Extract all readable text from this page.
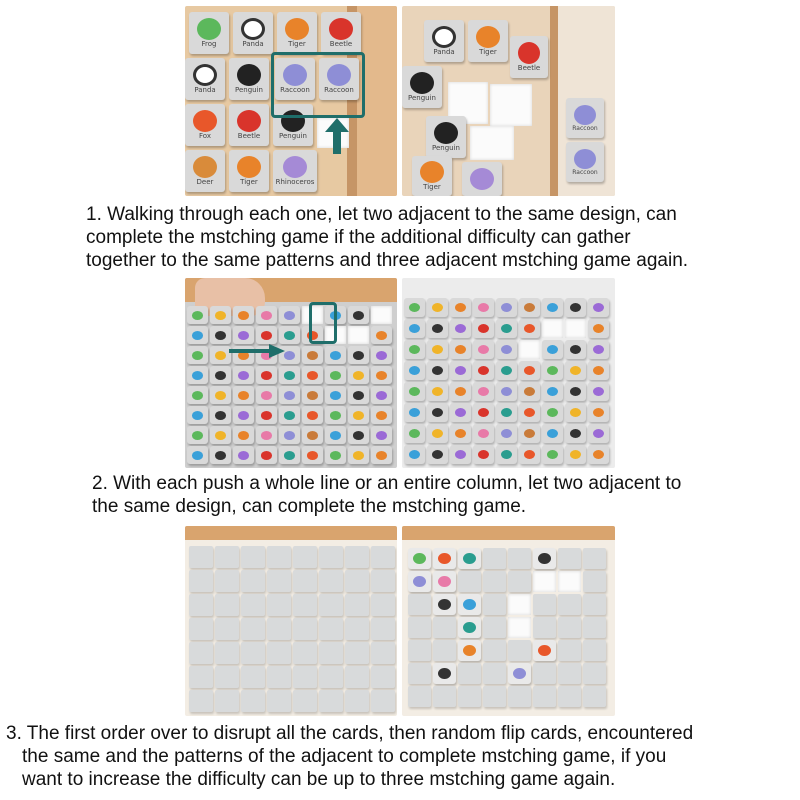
Frog	Panda	Tiger	Beetle
Panda	Penguin Raccoon Raccoon
Fox	Beetle	Penguin
Deer	Tiger	Rhinoceros
Panda	Tiger
Beetle
Penguin
Penguin
Tiger
Raccoon
Raccoon
1. Walking through each one, let two adjacent to the same design, can
complete the mstching game if the additional difficulty can gather
together to the same patterns and three adjacent mstching game again.
2. With each push a whole line or an entire column, let two adjacent to
the same design, can complete the mstching game.
3. The first order over to disrupt all the cards, then random flip cards, encountered
the same and the patterns of the adjacent to complete mstching game, if you
want to increase the difficulty can be up to three mstching game again.
